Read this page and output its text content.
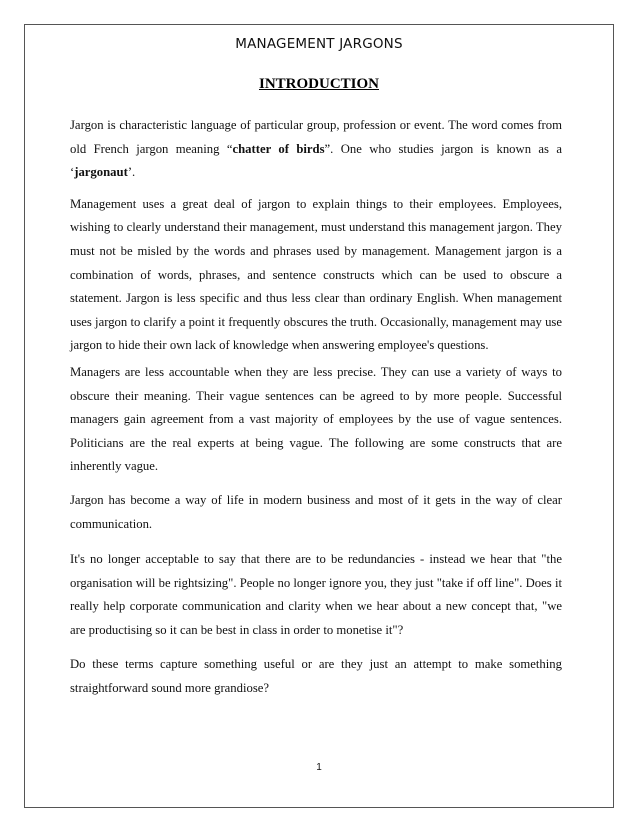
MANAGEMENT JARGONS
INTRODUCTION

Jargon is characteristic language of particular group, profession or event. The word comes from old French jargon meaning “chatter of birds”. One who studies jargon is known as a ‘jargonaut’.

Management uses a great deal of jargon to explain things to their employees. Employees, wishing to clearly understand their management, must understand this management jargon. They must not be misled by the words and phrases used by management. Management jargon is a combination of words, phrases, and sentence constructs which can be used to obscure a statement. Jargon is less specific and thus less clear than ordinary English. When management uses jargon to clarify a point it frequently obscures the truth. Occasionally, management may use jargon to hide their own lack of knowledge when answering employee's questions.

Managers are less accountable when they are less precise. They can use a variety of ways to obscure their meaning. Their vague sentences can be agreed to by more people. Successful managers gain agreement from a vast majority of employees by the use of vague sentences. Politicians are the real experts at being vague. The following are some constructs that are inherently vague.

Jargon has become a way of life in modern business and most of it gets in the way of clear communication.

It's no longer acceptable to say that there are to be redundancies - instead we hear that "the organisation will be rightsizing". People no longer ignore you, they just "take if off line". Does it really help corporate communication and clarity when we hear about a new concept that, "we are productising so it can be best in class in order to monetise it"?

Do these terms capture something useful or are they just an attempt to make something straightforward sound more grandiose?

1
